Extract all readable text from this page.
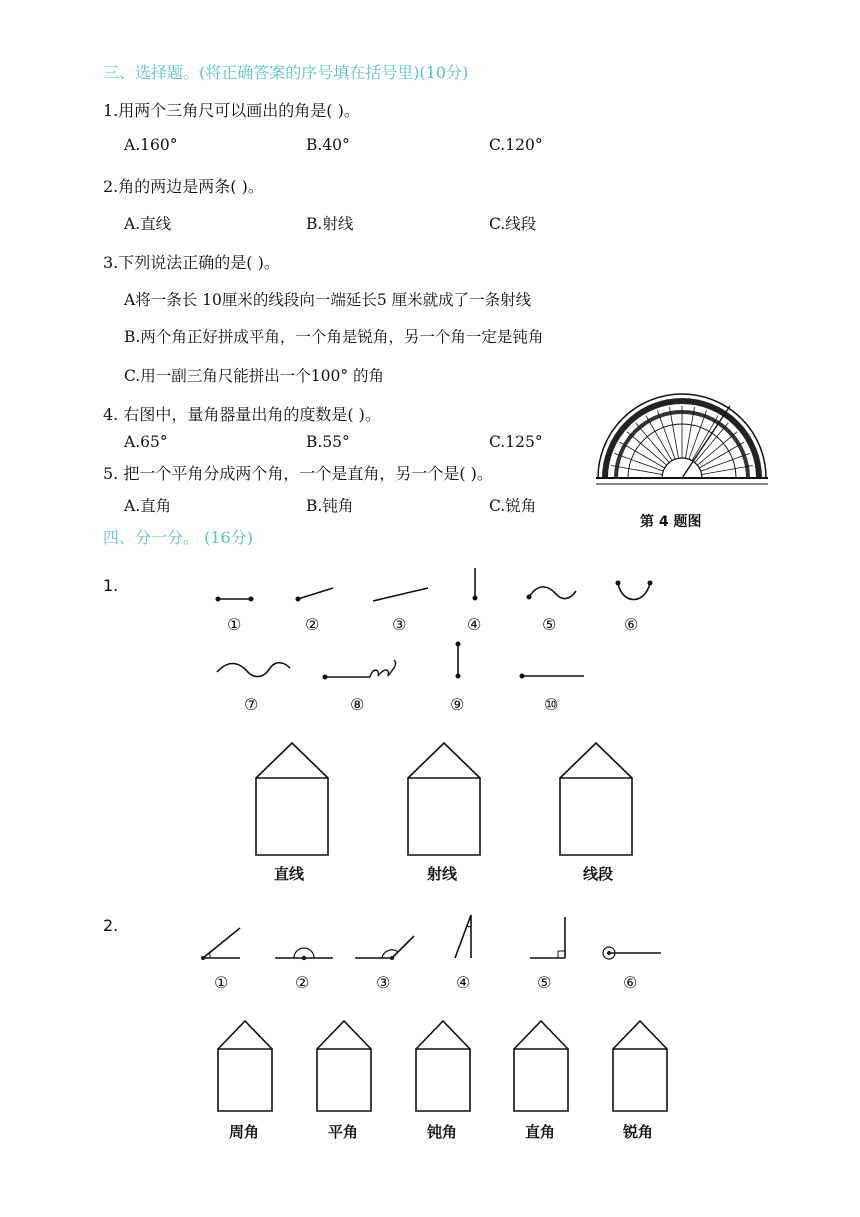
三、选择题。(将正确答案的序号填在括号里)(10分)
1.用两个三角尺可以画出的角是( )。
A.160°	B.40°	C.120°
2.角的两边是两条( )。
A.直线	B.射线	C.线段
3.下列说法正确的是( )。
A将一条长 10厘米的线段向一端延长5 厘米就成了一条射线
B.两个角正好拼成平角，一个角是锐角，另一个角一定是钝角
C.用一副三角尺能拼出一个100° 的角
4. 右图中，量角器量出角的度数是( )。
A.65°	B.55°	C.125°
5. 把一个平角分成两个角，一个是直角，另一个是( )。
A.直角	B.钝角	C.锐角
第 4 题图
四、分一分。 (16分)
1.
①	②	③	④	⑤	⑥
⑦	⑧	⑨	⑩
直线	射线	线段
2.
①	②	③	④	⑤	⑥
周角	平角	钝角	直角	锐角
